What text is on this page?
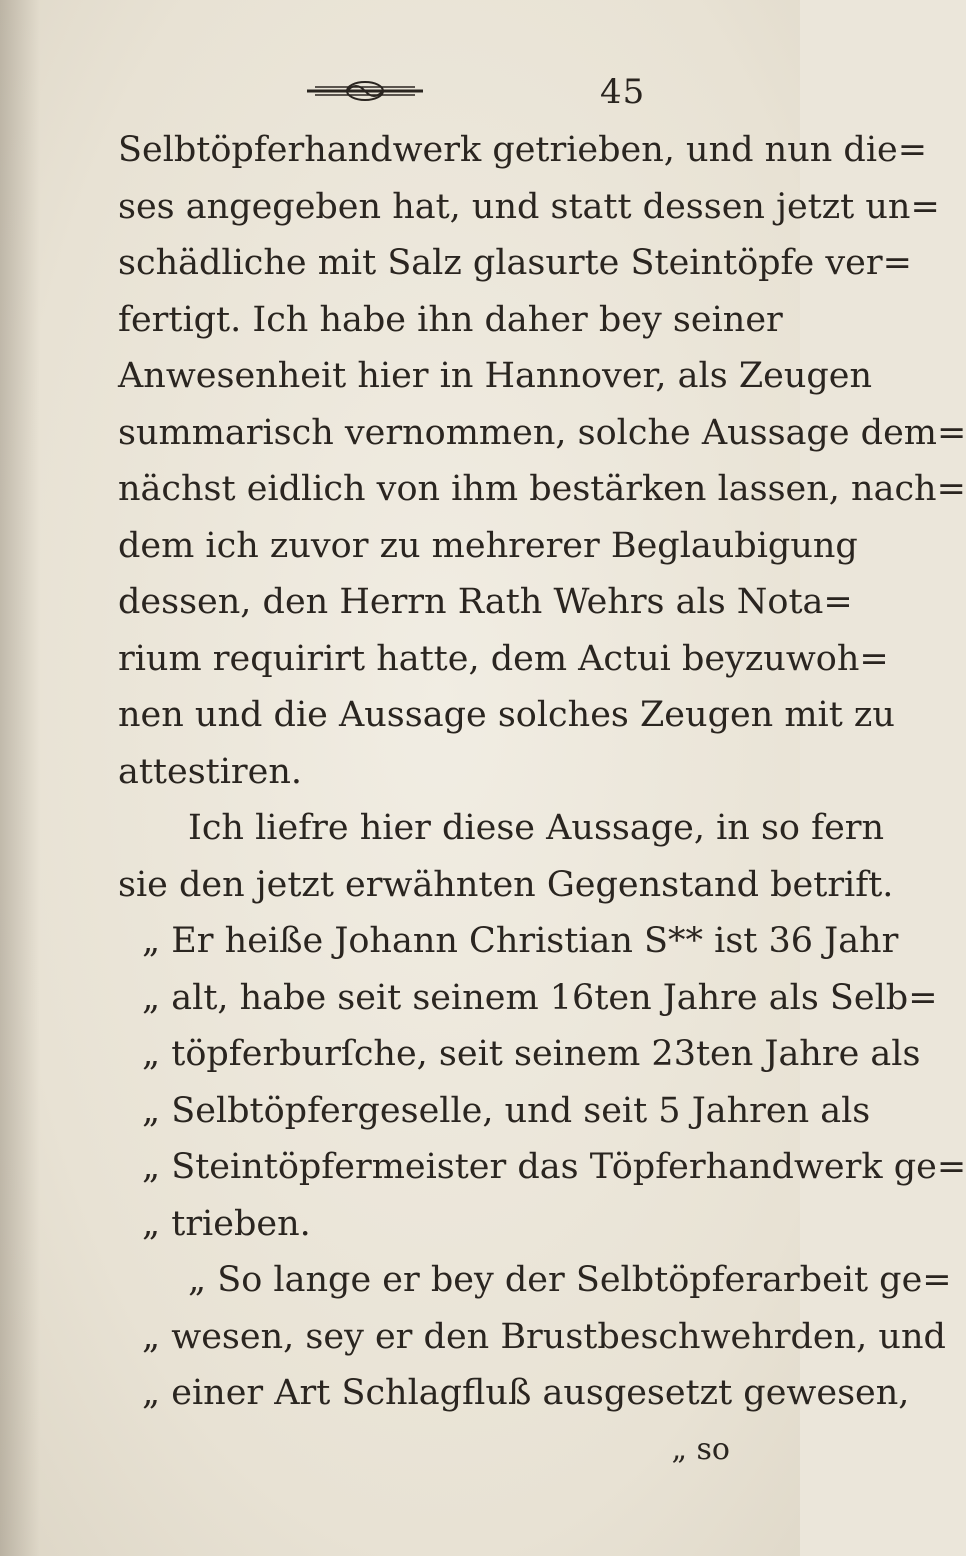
45
Selbtöpferhandwerk getrieben, und nun die=
ses angegeben hat, und statt dessen jetzt un=
schädliche mit Salz glasurte Steintöpfe ver=
fertigt. Ich habe ihn daher bey seiner
Anwesenheit hier in Hannover, als Zeugen
summarisch vernommen, solche Aussage dem=
nächst eidlich von ihm bestärken lassen, nach=
dem ich zuvor zu mehrerer Beglaubigung
dessen, den Herrn Rath Wehrs als Nota=
rium requirirt hatte, dem Actui beyzuwoh=
nen und die Aussage solches Zeugen mit zu
attestiren.
Ich liefre hier diese Aussage, in so fern
sie den jetzt erwähnten Gegenstand betrift.
„ Er heiße Johann Christian S** ist 36 Jahr
„ alt, habe seit seinem 16ten Jahre als Selb=
„ töpferburſche, seit seinem 23ten Jahre als
„ Selbtöpfergeselle, und seit 5 Jahren als
„ Steintöpfermeister das Töpferhandwerk ge=
„ trieben.
„ So lange er bey der Selbtöpferarbeit ge=
„ wesen, sey er den Brustbeschwehrden, und
„ einer Art Schlagfluß ausgesetzt gewesen,
„ so
